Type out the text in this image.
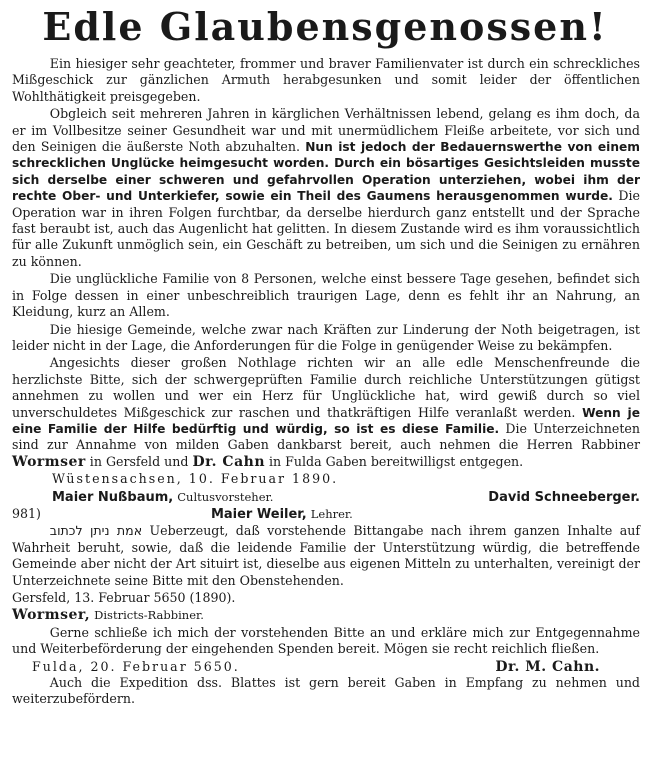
Edle Glaubensgenossen!

Ein hiesiger sehr geachteter, frommer und braver Familienvater ist durch ein schreckliches Mißgeschick zur gänzlichen Armuth herabgesunken und somit leider der öffentlichen Wohlthätigkeit preisgegeben.

Obgleich seit mehreren Jahren in kärglichen Verhältnissen lebend, gelang es ihm doch, da er im Vollbesitze seiner Gesundheit war und mit unermüdlichem Fleiße arbeitete, vor sich und den Seinigen die äußerste Noth abzuhalten. Nun ist jedoch der Bedauernswerthe von einem schrecklichen Unglücke heimgesucht worden. Durch ein bösartiges Gesichtsleiden musste sich derselbe einer schweren und gefahrvollen Operation unterziehen, wobei ihm der rechte Ober- und Unterkiefer, sowie ein Theil des Gaumens herausgenommen wurde. Die Operation war in ihren Folgen furchtbar, da derselbe hierdurch ganz entstellt und der Sprache fast beraubt ist, auch das Augenlicht hat gelitten. In diesem Zustande wird es ihm voraussichtlich für alle Zukunft unmöglich sein, ein Geschäft zu betreiben, um sich und die Seinigen zu ernähren zu können.

Die unglückliche Familie von 8 Personen, welche einst bessere Tage gesehen, befindet sich in Folge dessen in einer unbeschreiblich traurigen Lage, denn es fehlt ihr an Nahrung, an Kleidung, kurz an Allem.

Die hiesige Gemeinde, welche zwar nach Kräften zur Linderung der Noth beigetragen, ist leider nicht in der Lage, die Anforderungen für die Folge in genügender Weise zu bekämpfen.

Angesichts dieser großen Nothlage richten wir an alle edle Menschenfreunde die herzlichste Bitte, sich der schwergeprüften Familie durch reichliche Unterstützungen gütigst annehmen zu wollen und wer ein Herz für Unglückliche hat, wird gewiß durch so viel unverschuldetes Mißgeschick zur raschen und thatkräftigen Hilfe veranlaßt werden. Wenn je eine Familie der Hilfe bedürftig und würdig, so ist es diese Familie. Die Unterzeichneten sind zur Annahme von milden Gaben dankbarst bereit, auch nehmen die Herren Rabbiner Wormser in Gersfeld und Dr. Cahn in Fulda Gaben bereitwilligst entgegen.

Wüstensachsen, 10. Februar 1890.

Maier Nußbaum, Cultusvorsteher.	David Schneeberger.
981)	Maier Weiler, Lehrer.

אמת ניתן לכתוב Ueberzeugt, daß vorstehende Bittangabe nach ihrem ganzen Inhalte auf Wahrheit beruht, sowie, daß die leidende Familie der Unterstützung würdig, die betreffende Gemeinde aber nicht der Art situirt ist, dieselbe aus eigenen Mitteln zu unterhalten, vereinigt der Unterzeichnete seine Bitte mit den Obenstehenden.

Gersfeld, 13. Februar 5650 (1890).

Wormser, Districts-Rabbiner.

Gerne schließe ich mich der vorstehenden Bitte an und erkläre mich zur Entgegennahme und Weiterbeförderung der eingehenden Spenden bereit. Mögen sie recht reichlich fließen.

Fulda, 20. Februar 5650.	Dr. M. Cahn.

Auch die Expedition dss. Blattes ist gern bereit Gaben in Empfang zu nehmen und weiterzubefördern.
